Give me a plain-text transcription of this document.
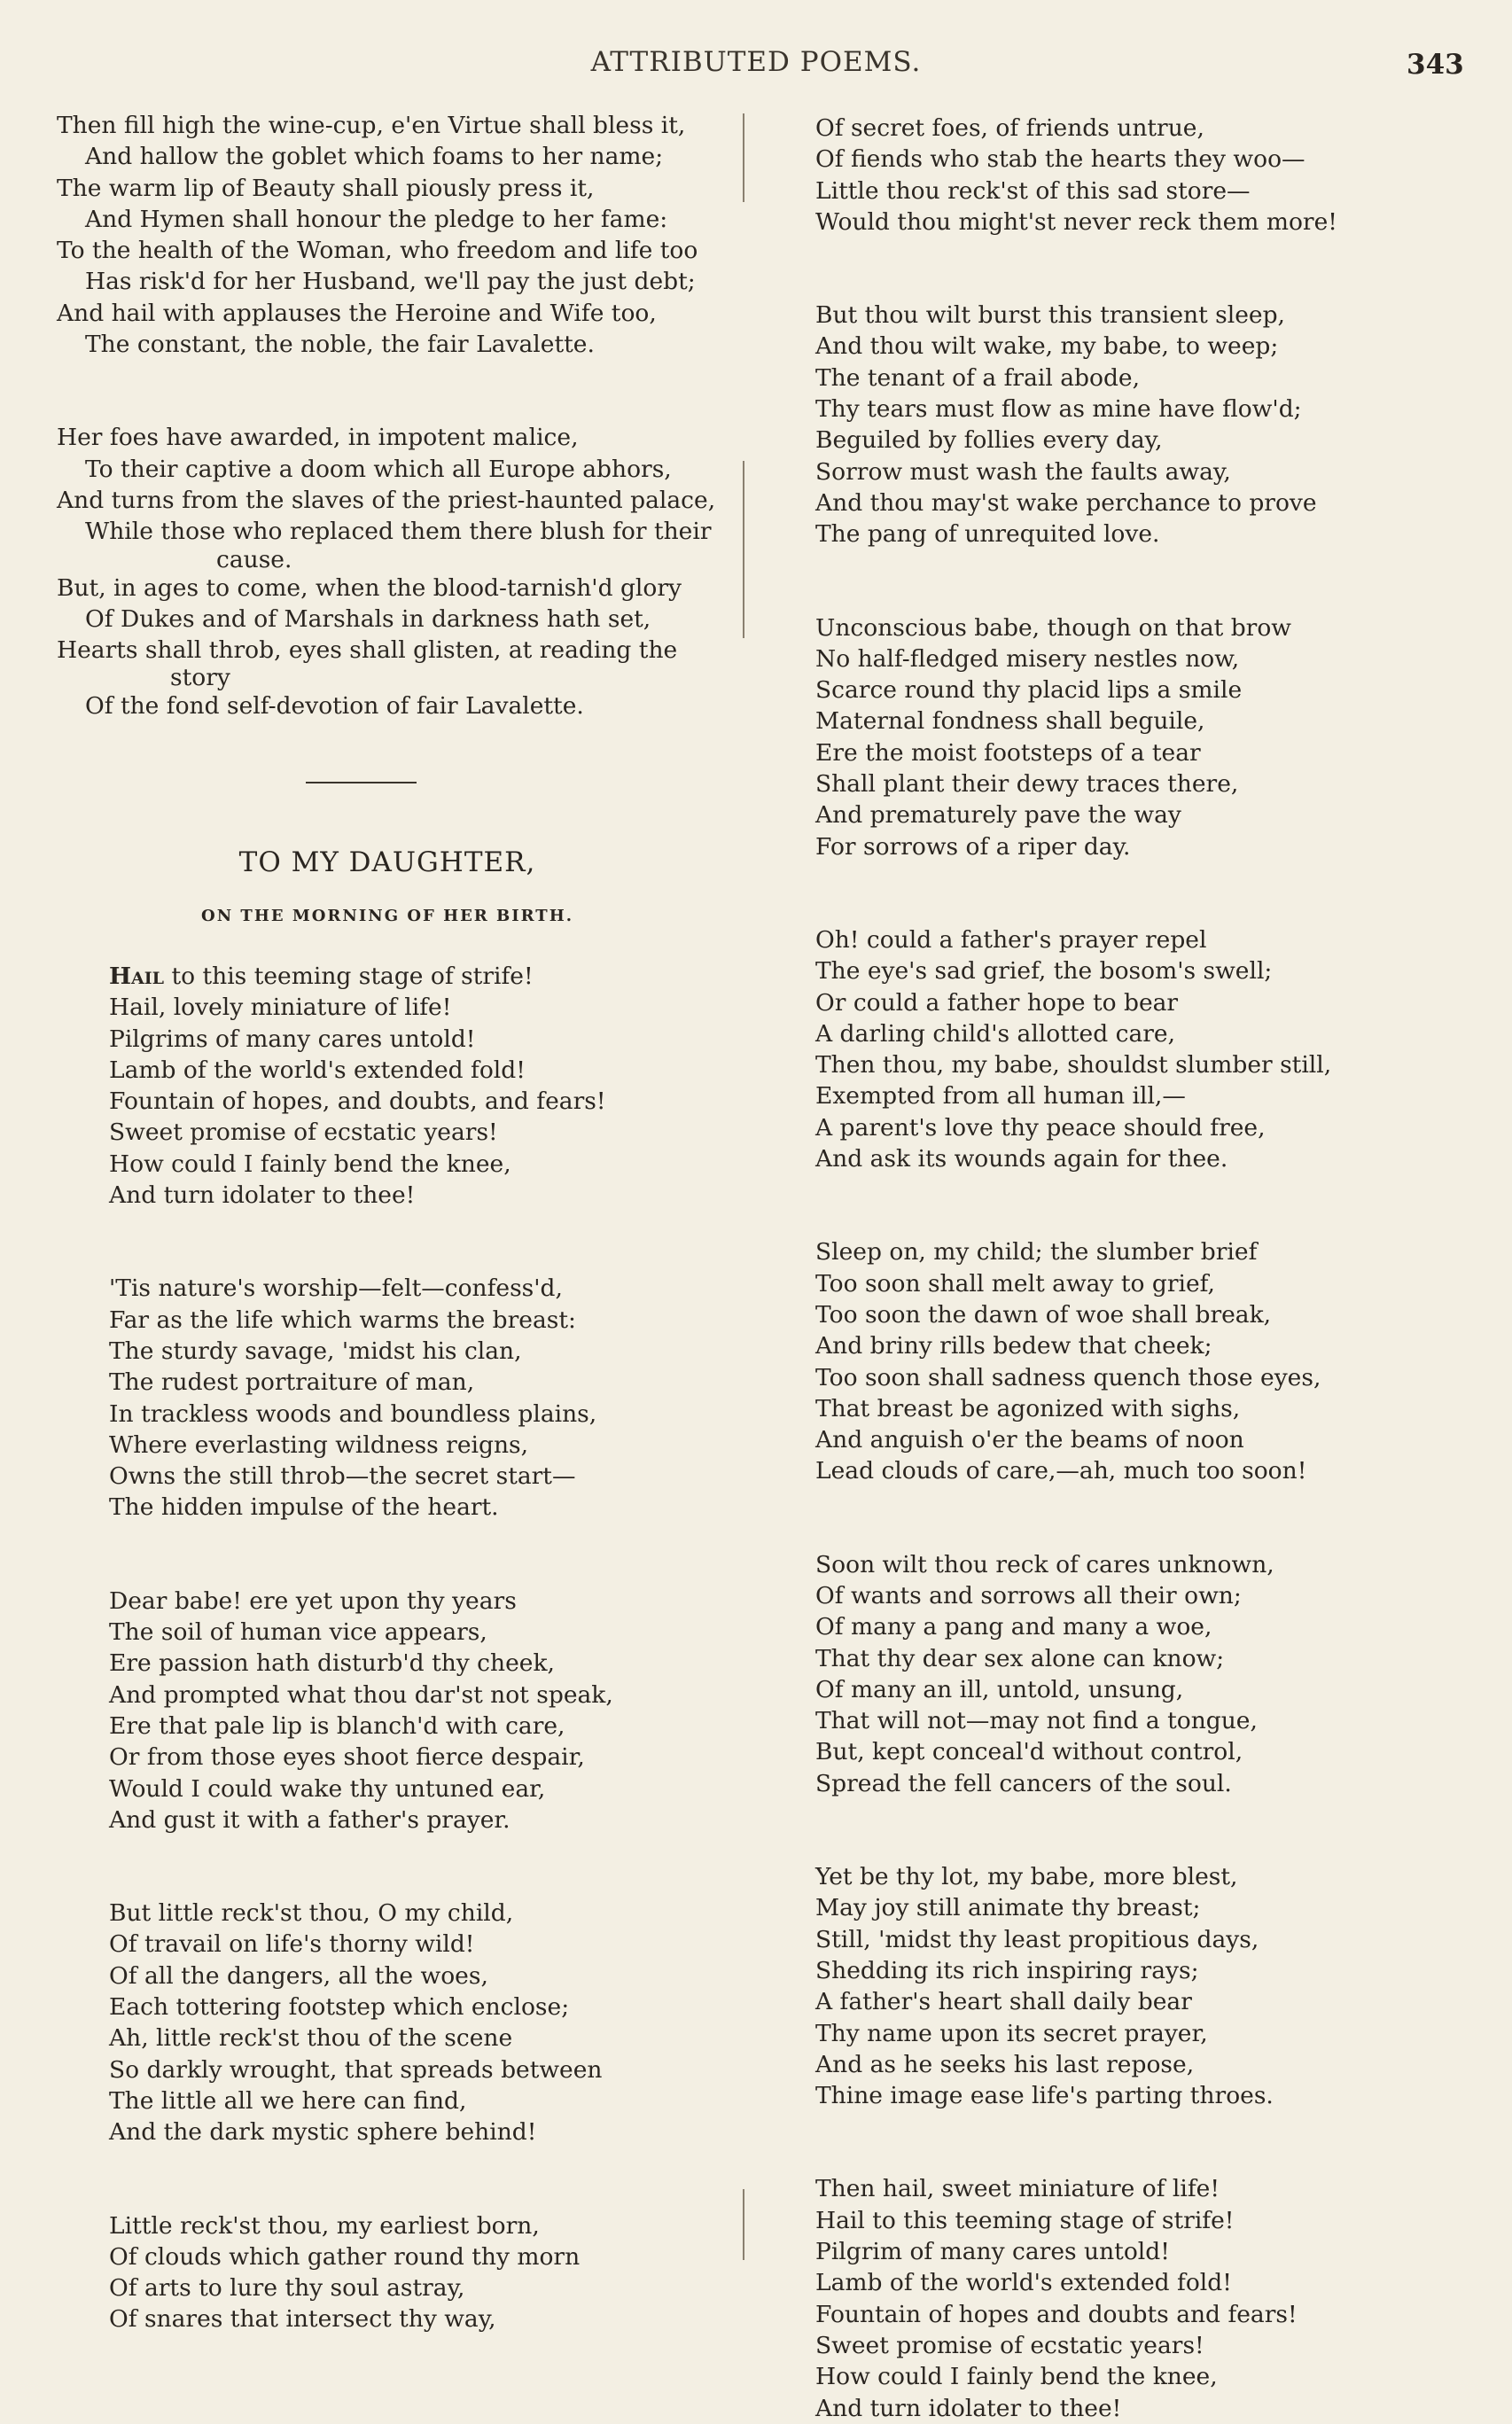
ATTRIBUTED POEMS.	343
Then fill high the wine-cup, e'en Virtue shall bless it,
And hallow the goblet which foams to her name;
The warm lip of Beauty shall piously press it,
And Hymen shall honour the pledge to her fame:
To the health of the Woman, who freedom and life too
Has risk'd for her Husband, we'll pay the just debt;
And hail with applauses the Heroine and Wife too,
The constant, the noble, the fair Lavalette.
Her foes have awarded, in impotent malice,
To their captive a doom which all Europe abhors,
And turns from the slaves of the priest-haunted palace,
While those who replaced them there blush for their
cause.
But, in ages to come, when the blood-tarnish'd glory
Of Dukes and of Marshals in darkness hath set,
Hearts shall throb, eyes shall glisten, at reading the
story
Of the fond self-devotion of fair Lavalette.
TO MY DAUGHTER,
ON THE MORNING OF HER BIRTH.
Hail to this teeming stage of strife!
Hail, lovely miniature of life!
Pilgrims of many cares untold!
Lamb of the world's extended fold!
Fountain of hopes, and doubts, and fears!
Sweet promise of ecstatic years!
How could I fainly bend the knee,
And turn idolater to thee!
'Tis nature's worship—felt—confess'd,
Far as the life which warms the breast:
The sturdy savage, 'midst his clan,
The rudest portraiture of man,
In trackless woods and boundless plains,
Where everlasting wildness reigns,
Owns the still throb—the secret start—
The hidden impulse of the heart.
Dear babe! ere yet upon thy years
The soil of human vice appears,
Ere passion hath disturb'd thy cheek,
And prompted what thou dar'st not speak,
Ere that pale lip is blanch'd with care,
Or from those eyes shoot fierce despair,
Would I could wake thy untuned ear,
And gust it with a father's prayer.
But little reck'st thou, O my child,
Of travail on life's thorny wild!
Of all the dangers, all the woes,
Each tottering footstep which enclose;
Ah, little reck'st thou of the scene
So darkly wrought, that spreads between
The little all we here can find,
And the dark mystic sphere behind!
Little reck'st thou, my earliest born,
Of clouds which gather round thy morn
Of arts to lure thy soul astray,
Of snares that intersect thy way,
Of secret foes, of friends untrue,
Of fiends who stab the hearts they woo—
Little thou reck'st of this sad store—
Would thou might'st never reck them more!
But thou wilt burst this transient sleep,
And thou wilt wake, my babe, to weep;
The tenant of a frail abode,
Thy tears must flow as mine have flow'd;
Beguiled by follies every day,
Sorrow must wash the faults away,
And thou may'st wake perchance to prove
The pang of unrequited love.
Unconscious babe, though on that brow
No half-fledged misery nestles now,
Scarce round thy placid lips a smile
Maternal fondness shall beguile,
Ere the moist footsteps of a tear
Shall plant their dewy traces there,
And prematurely pave the way
For sorrows of a riper day.
Oh! could a father's prayer repel
The eye's sad grief, the bosom's swell;
Or could a father hope to bear
A darling child's allotted care,
Then thou, my babe, shouldst slumber still,
Exempted from all human ill,—
A parent's love thy peace should free,
And ask its wounds again for thee.
Sleep on, my child; the slumber brief
Too soon shall melt away to grief,
Too soon the dawn of woe shall break,
And briny rills bedew that cheek;
Too soon shall sadness quench those eyes,
That breast be agonized with sighs,
And anguish o'er the beams of noon
Lead clouds of care,—ah, much too soon!
Soon wilt thou reck of cares unknown,
Of wants and sorrows all their own;
Of many a pang and many a woe,
That thy dear sex alone can know;
Of many an ill, untold, unsung,
That will not—may not find a tongue,
But, kept conceal'd without control,
Spread the fell cancers of the soul.
Yet be thy lot, my babe, more blest,
May joy still animate thy breast;
Still, 'midst thy least propitious days,
Shedding its rich inspiring rays;
A father's heart shall daily bear
Thy name upon its secret prayer,
And as he seeks his last repose,
Thine image ease life's parting throes.
Then hail, sweet miniature of life!
Hail to this teeming stage of strife!
Pilgrim of many cares untold!
Lamb of the world's extended fold!
Fountain of hopes and doubts and fears!
Sweet promise of ecstatic years!
How could I fainly bend the knee,
And turn idolater to thee!
